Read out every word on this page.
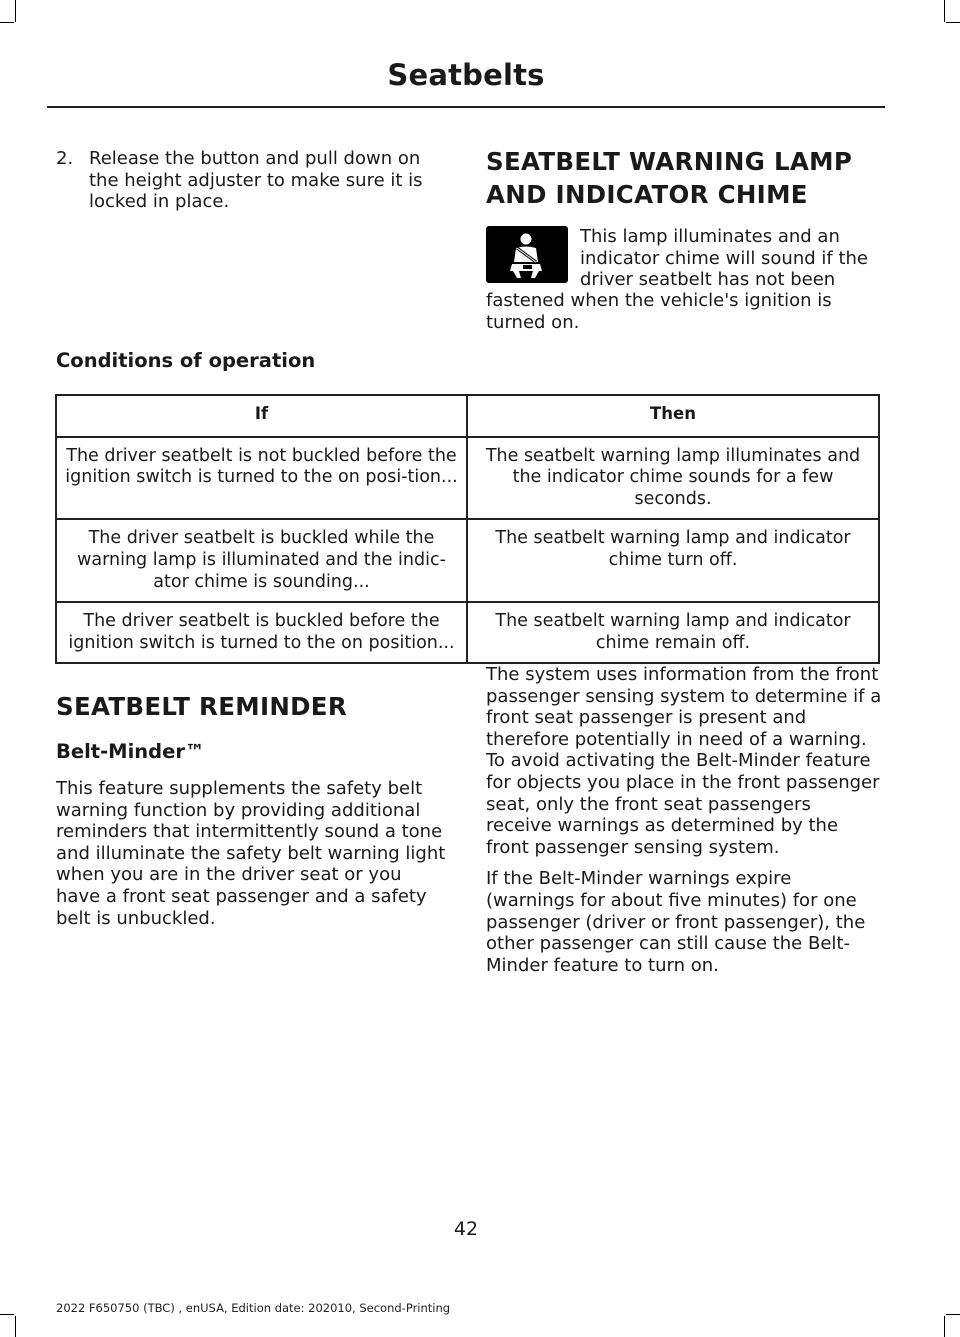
Seatbelts
2. Release the button and pull down on the height adjuster to make sure it is locked in place.
SEATBELT WARNING LAMP
AND INDICATOR CHIME
This lamp illuminates and an indicator chime will sound if the driver seatbelt has not been
fastened when the vehicle's ignition is turned on.
Conditions of operation
If	Then
The driver seatbelt is not buckled before the ignition switch is turned to the on posi-tion...	The seatbelt warning lamp illuminates and the indicator chime sounds for a few seconds.
The driver seatbelt is buckled while the warning lamp is illuminated and the indic-ator chime is sounding...	The seatbelt warning lamp and indicator chime turn off.
The driver seatbelt is buckled before the ignition switch is turned to the on position...	The seatbelt warning lamp and indicator chime remain off.
SEATBELT REMINDER
Belt-Minder™

This feature supplements the safety belt warning function by providing additional reminders that intermittently sound a tone and illuminate the safety belt warning light when you are in the driver seat or you have a front seat passenger and a safety belt is unbuckled.

The system uses information from the front passenger sensing system to determine if a front seat passenger is present and therefore potentially in need of a warning. To avoid activating the Belt-Minder feature for objects you place in the front passenger seat, only the front seat passengers receive warnings as determined by the front passenger sensing system.

If the Belt-Minder warnings expire (warnings for about five minutes) for one passenger (driver or front passenger), the other passenger can still cause the Belt-Minder feature to turn on.

42
2022 F650750 (TBC) , enUSA, Edition date: 202010, Second-Printing
